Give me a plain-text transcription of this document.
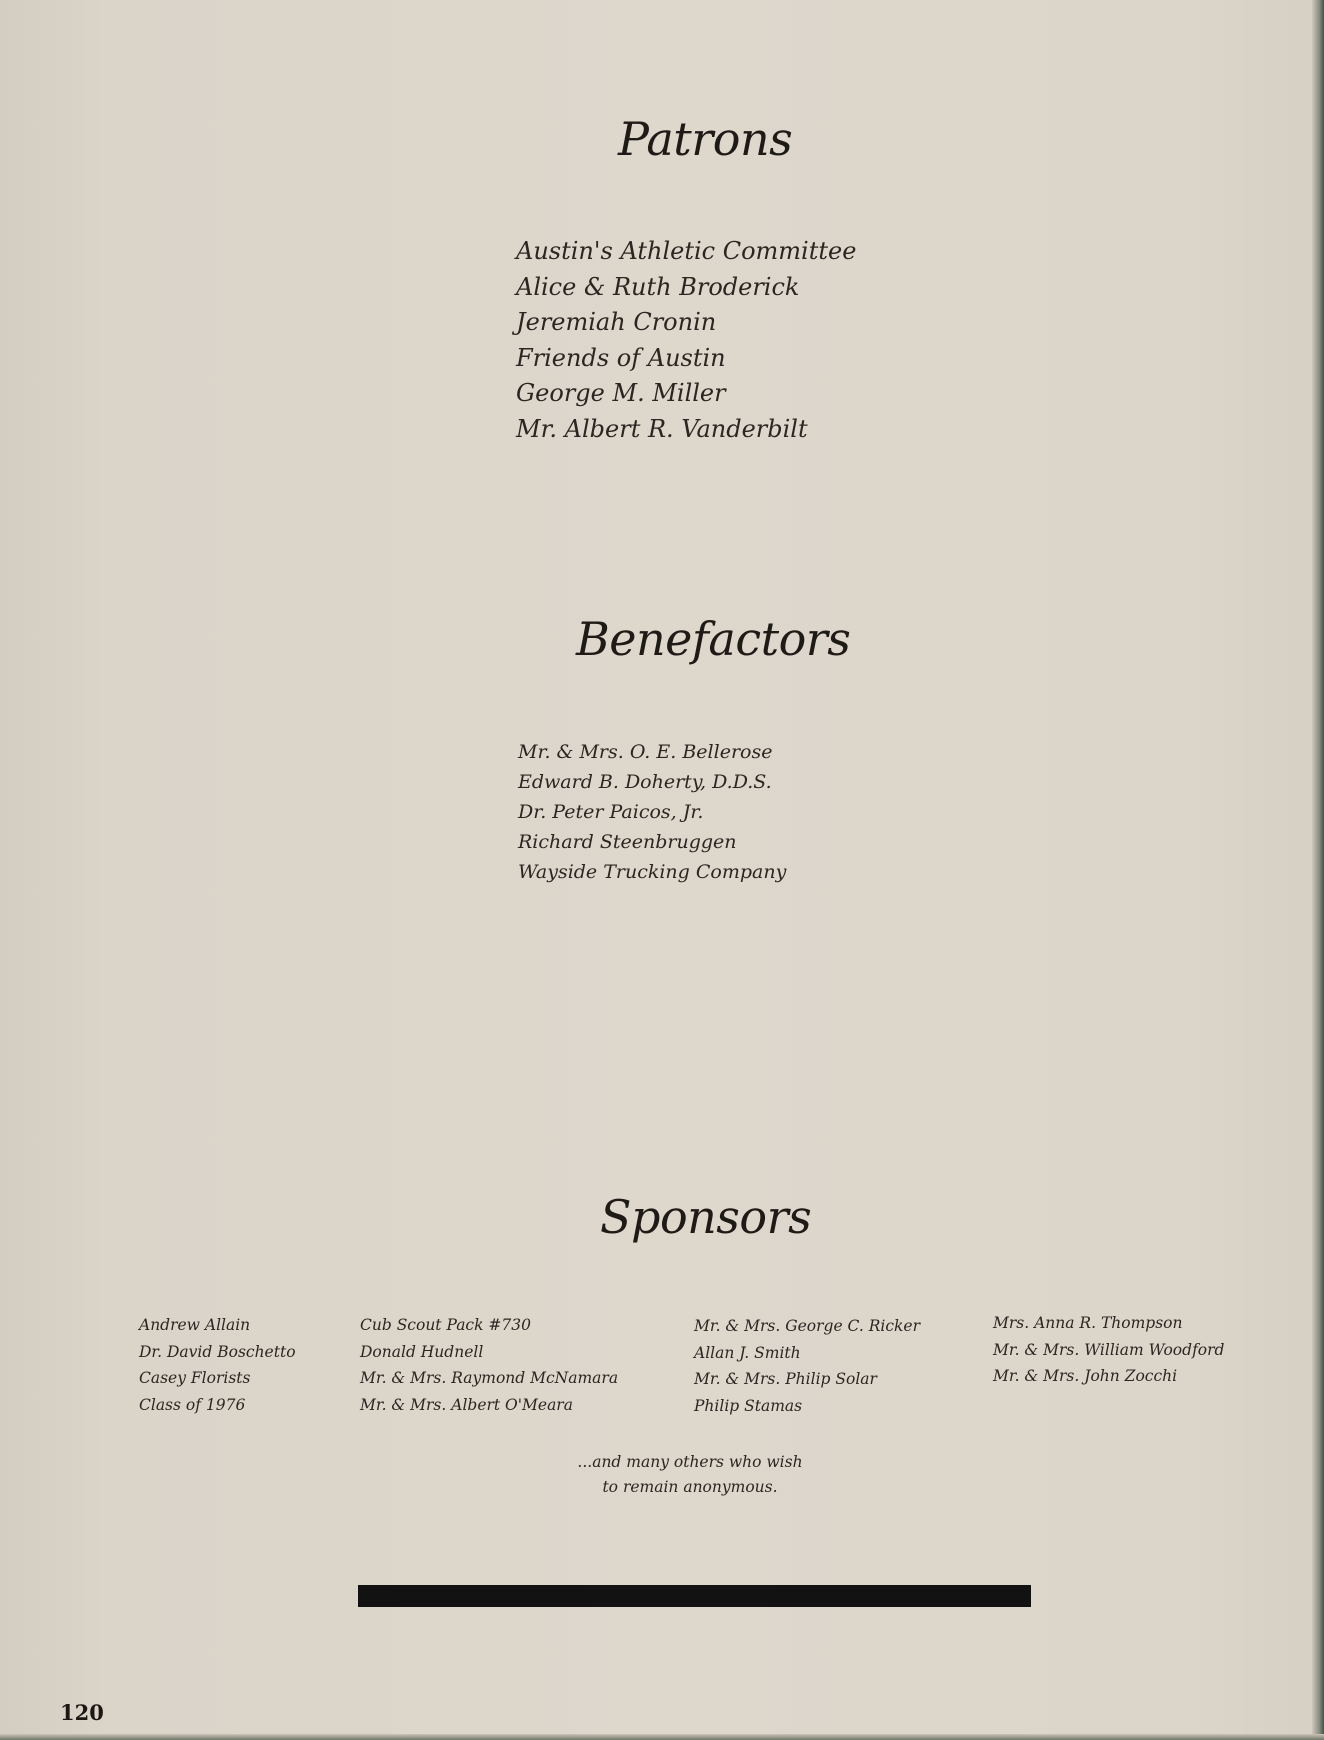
Patrons
Austin's Athletic Committee
Alice & Ruth Broderick
Jeremiah Cronin
Friends of Austin
George M. Miller
Mr. Albert R. Vanderbilt
Benefactors
Mr. & Mrs. O. E. Bellerose
Edward B. Doherty, D.D.S.
Dr. Peter Paicos, Jr.
Richard Steenbruggen
Wayside Trucking Company
Sponsors
Andrew Allain
Dr. David Boschetto
Casey Florists
Class of 1976
Cub Scout Pack #730
Donald Hudnell
Mr. & Mrs. Raymond McNamara
Mr. & Mrs. Albert O'Meara
Mr. & Mrs. George C. Ricker
Allan J. Smith
Mr. & Mrs. Philip Solar
Philip Stamas
Mrs. Anna R. Thompson
Mr. & Mrs. William Woodford
Mr. & Mrs. John Zocchi
...and many others who wish
to remain anonymous.
120
